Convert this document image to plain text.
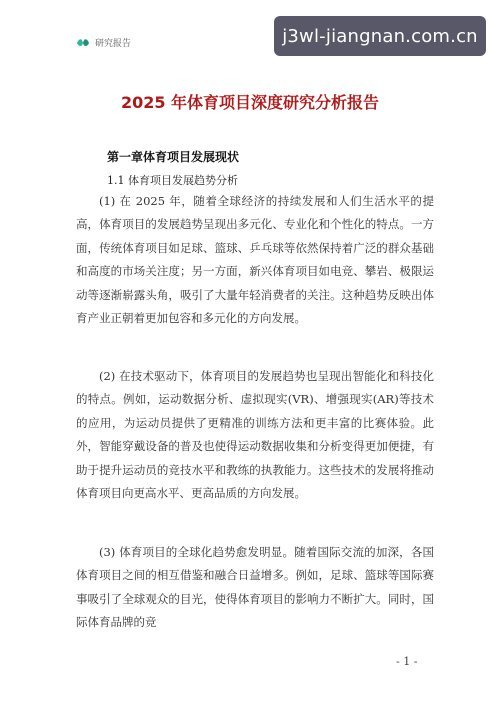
研究报告	j3wl-jiangnan.com.cn
2025 年体育项目深度研究分析报告
第一章体育项目发展现状
1.1 体育项目发展趋势分析

(1) 在 2025 年，随着全球经济的持续发展和人们生活水平的提高，体育项目的发展趋势呈现出多元化、专业化和个性化的特点。一方面，传统体育项目如足球、篮球、乒乓球等依然保持着广泛的群众基础和高度的市场关注度；另一方面，新兴体育项目如电竞、攀岩、极限运动等逐渐崭露头角，吸引了大量年轻消费者的关注。这种趋势反映出体育产业正朝着更加包容和多元化的方向发展。

(2) 在技术驱动下，体育项目的发展趋势也呈现出智能化和科技化的特点。例如，运动数据分析、虚拟现实(VR)、增强现实(AR)等技术的应用，为运动员提供了更精准的训练方法和更丰富的比赛体验。此外，智能穿戴设备的普及也使得运动数据收集和分析变得更加便捷，有助于提升运动员的竞技水平和教练的执教能力。这些技术的发展将推动体育项目向更高水平、更高品质的方向发展。

(3) 体育项目的全球化趋势愈发明显。随着国际交流的加深，各国体育项目之间的相互借鉴和融合日益增多。例如，足球、篮球等国际赛事吸引了全球观众的目光，使得体育项目的影响力不断扩大。同时，国际体育品牌的竞

- 1 -
